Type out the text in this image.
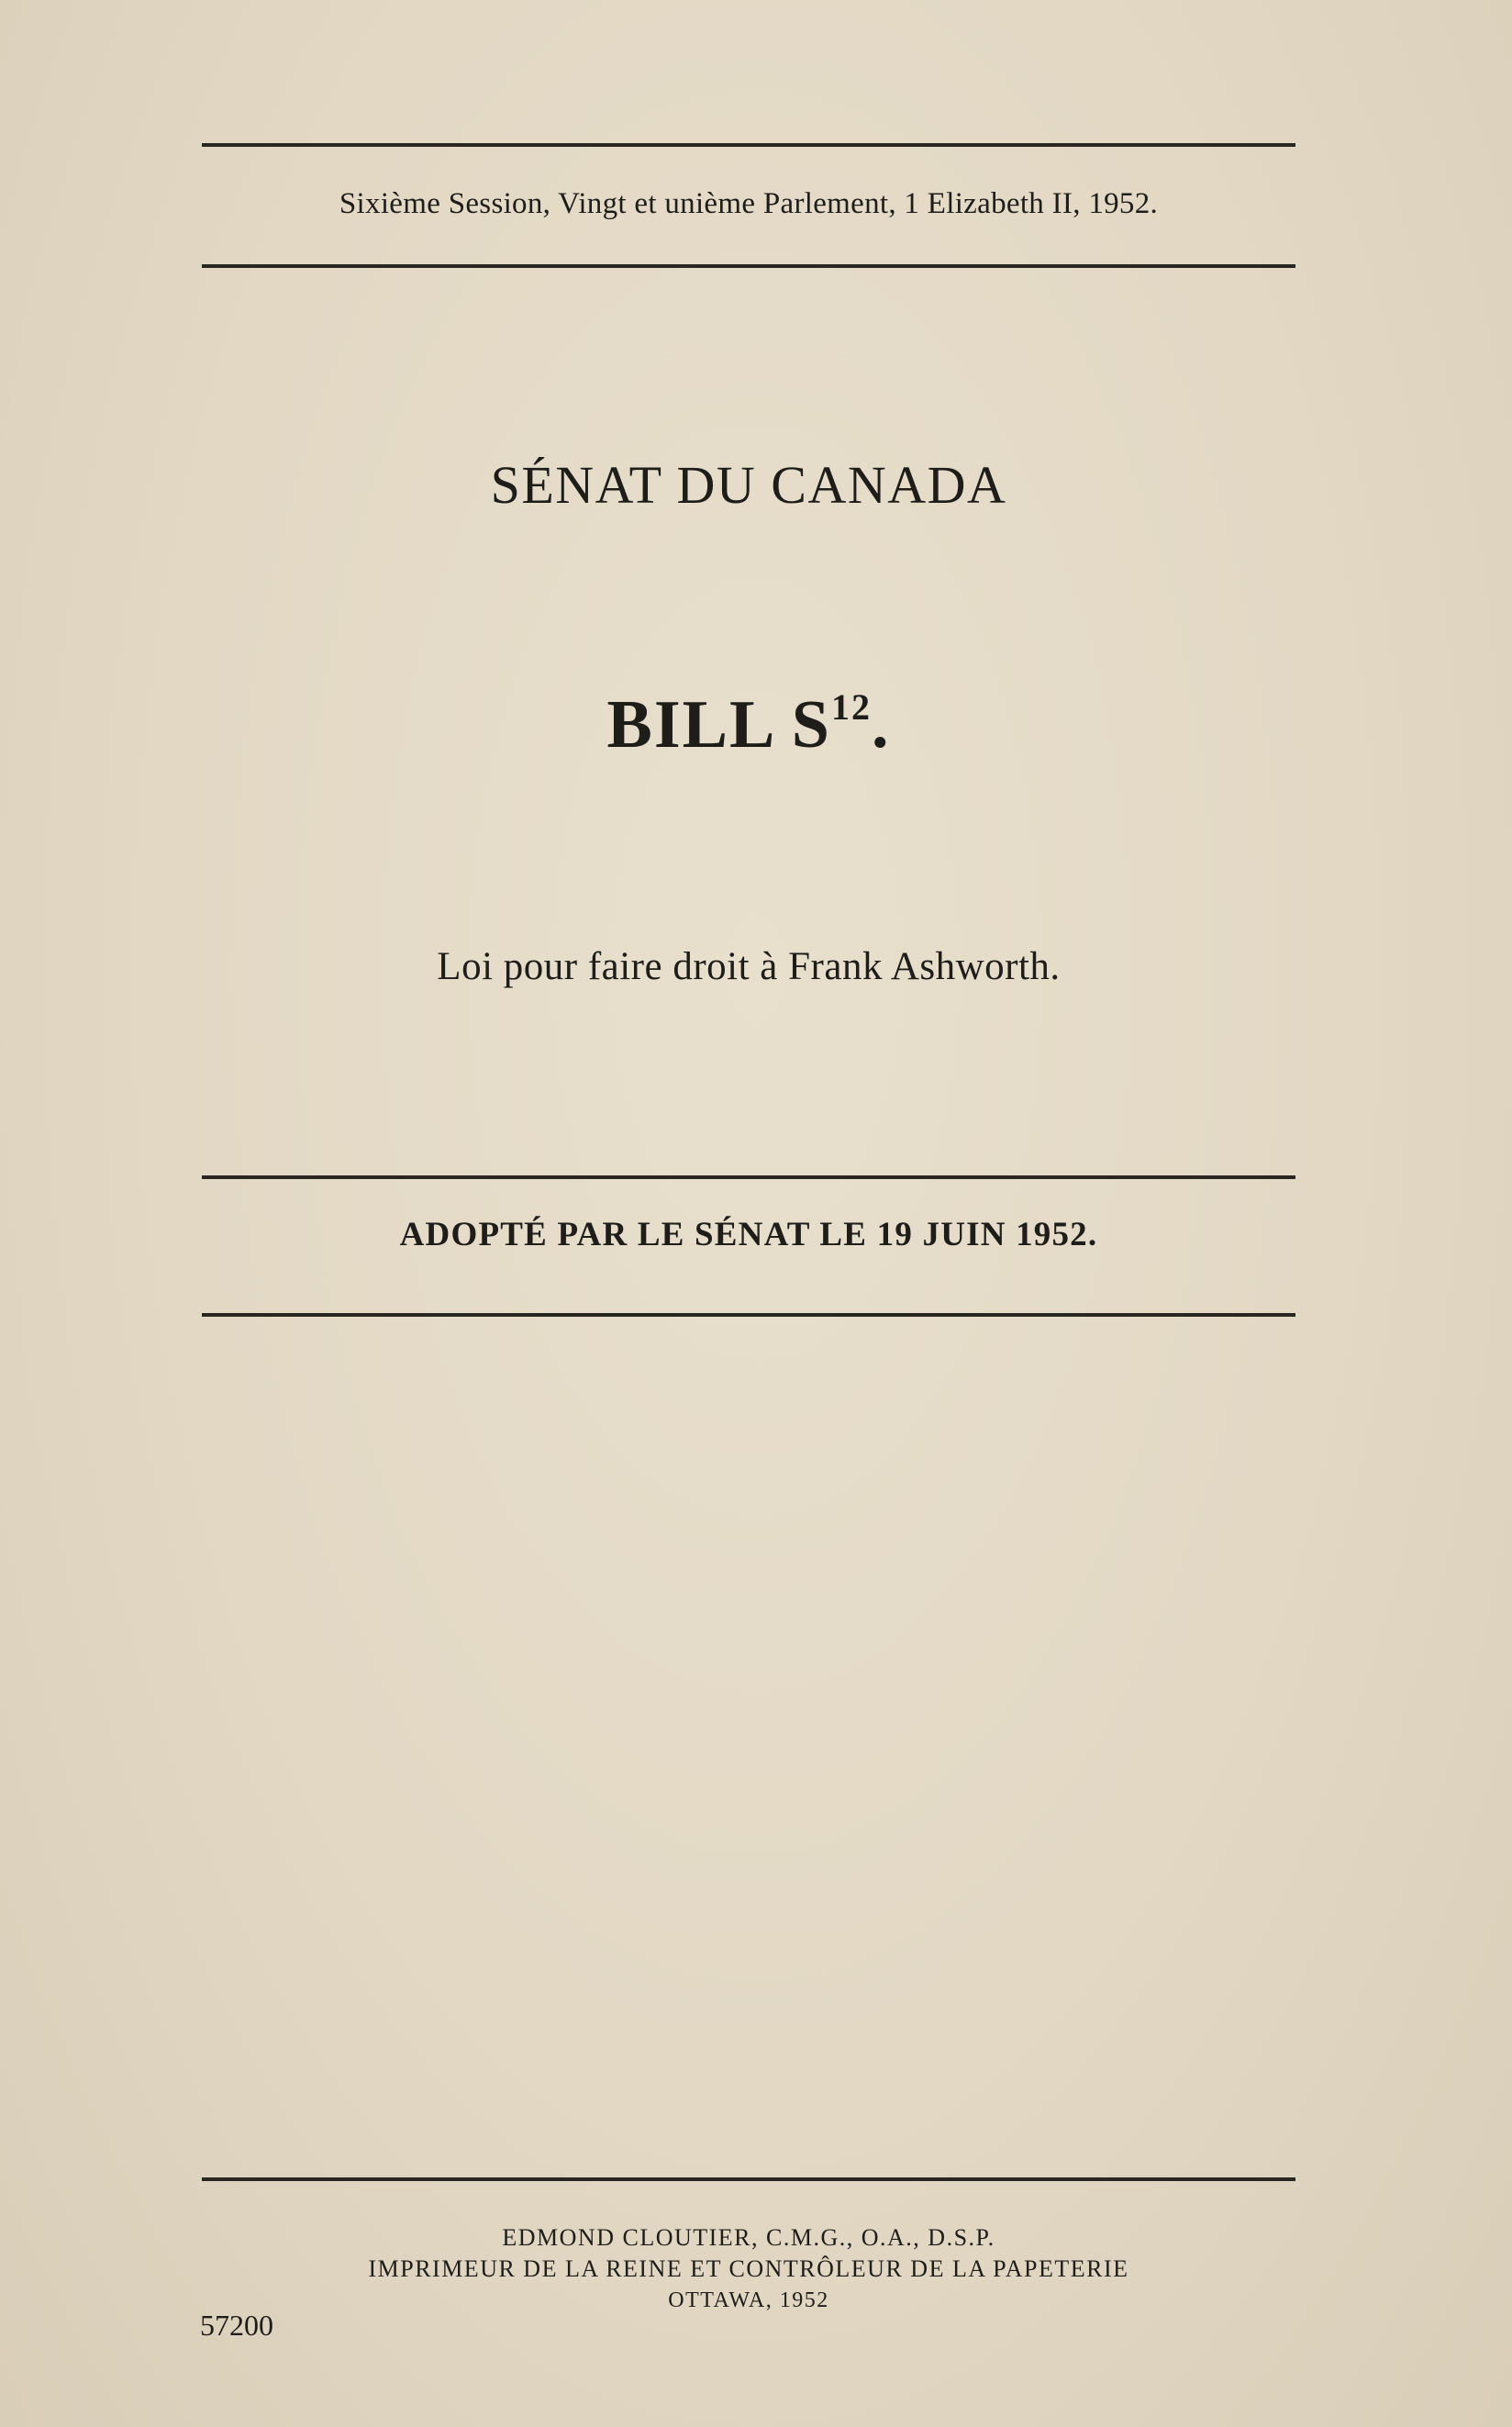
Sixième Session, Vingt et unième Parlement, 1 Elizabeth II, 1952.
SÉNAT DU CANADA
BILL $S^{12}$.
Loi pour faire droit à Frank Ashworth.
ADOPTÉ PAR LE SÉNAT LE 19 JUIN 1952.
EDMOND CLOUTIER, C.M.G., O.A., D.S.P.
IMPRIMEUR DE LA REINE ET CONTRÔLEUR DE LA PAPETERIE
OTTAWA, 1952
57200
